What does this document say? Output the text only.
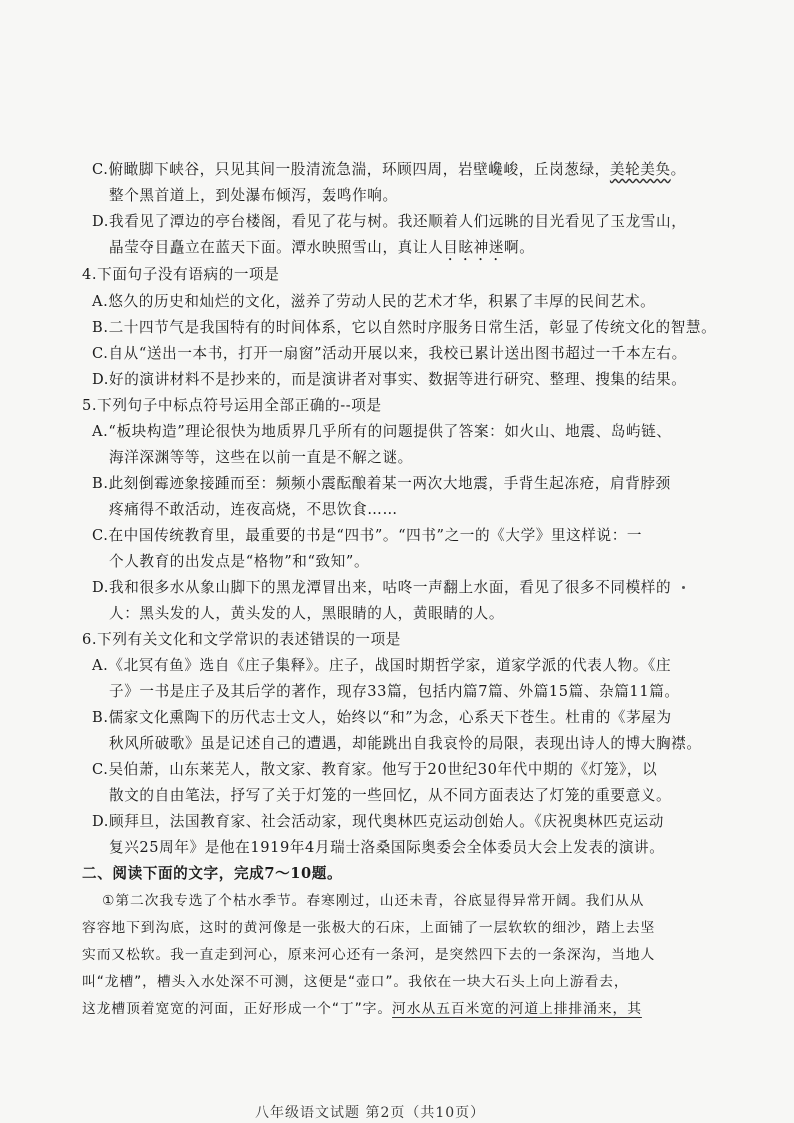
C.俯瞰脚下峡谷，只见其间一股清流急湍，环顾四周，岩壁巉峻，丘岗葱绿，美轮美奂。
整个黑首道上，到处瀑布倾泻，轰鸣作响。
D.我看见了潭边的亭台楼阁，看见了花与树。我还顺着人们远眺的目光看见了玉龙雪山，
晶莹夺目矗立在蓝天下面。潭水映照雪山，真让人目眩神迷啊。
4.下面句子没有语病的一项是
A.悠久的历史和灿烂的文化，滋养了劳动人民的艺术才华，积累了丰厚的民间艺术。
B.二十四节气是我国特有的时间体系，它以自然时序服务日常生活，彰显了传统文化的智慧。
C.自从“送出一本书，打开一扇窗”活动开展以来，我校已累计送出图书超过一千本左右。
D.好的演讲材料不是抄来的，而是演讲者对事实、数据等进行研究、整理、搜集的结果。
5.下列句子中标点符号运用全部正确的--项是
A.“板块构造”理论很快为地质界几乎所有的问题提供了答案：如火山、地震、岛屿链、
海洋深渊等等，这些在以前一直是不解之谜。
B.此刻倒霉迹象接踵而至：频频小震酝酿着某一两次大地震，手背生起冻疮，肩背脖颈
疼痛得不敢活动，连夜高烧，不思饮食……
C.在中国传统教育里，最重要的书是“四书”。“四书”之一的《大学》里这样说：一
个人教育的出发点是“格物”和“致知”。
D.我和很多水从象山脚下的黑龙潭冒出来，咕咚一声翻上水面，看见了很多不同模样的
人：黑头发的人，黄头发的人，黑眼睛的人，黄眼睛的人。
6.下列有关文化和文学常识的表述错误的一项是
A.《北冥有鱼》选自《庄子集释》。庄子，战国时期哲学家，道家学派的代表人物。《庄
子》一书是庄子及其后学的著作，现存33篇，包括内篇7篇、外篇15篇、杂篇11篇。
B.儒家文化熏陶下的历代志士文人，始终以“和”为念，心系天下苍生。杜甫的《茅屋为
秋风所破歌》虽是记述自己的遭遇，却能跳出自我哀怜的局限，表现出诗人的博大胸襟。
C.吴伯萧，山东莱芜人，散文家、教育家。他写于20世纪30年代中期的《灯笼》，以
散文的自由笔法，抒写了关于灯笼的一些回忆，从不同方面表达了灯笼的重要意义。
D.顾拜旦，法国教育家、社会活动家，现代奥林匹克运动创始人。《庆祝奥林匹克运动
复兴25周年》是他在1919年4月瑞士洛桑国际奥委会全体委员大会上发表的演讲。
二、阅读下面的文字，完成7～10题。
①第二次我专选了个枯水季节。春寒刚过，山还未青，谷底显得异常开阔。我们从从
容容地下到沟底，这时的黄河像是一张极大的石床，上面铺了一层软软的细沙，踏上去坚
实而又松软。我一直走到河心，原来河心还有一条河，是突然四下去的一条深沟，当地人
叫“龙槽”，槽头入水处深不可测，这便是“壶口”。我依在一块大石头上向上游看去，
这龙槽顶着宽宽的河面，正好形成一个“丁”字。河水从五百米宽的河道上排排涌来，其
八年级语文试题 第2页（共10页）
